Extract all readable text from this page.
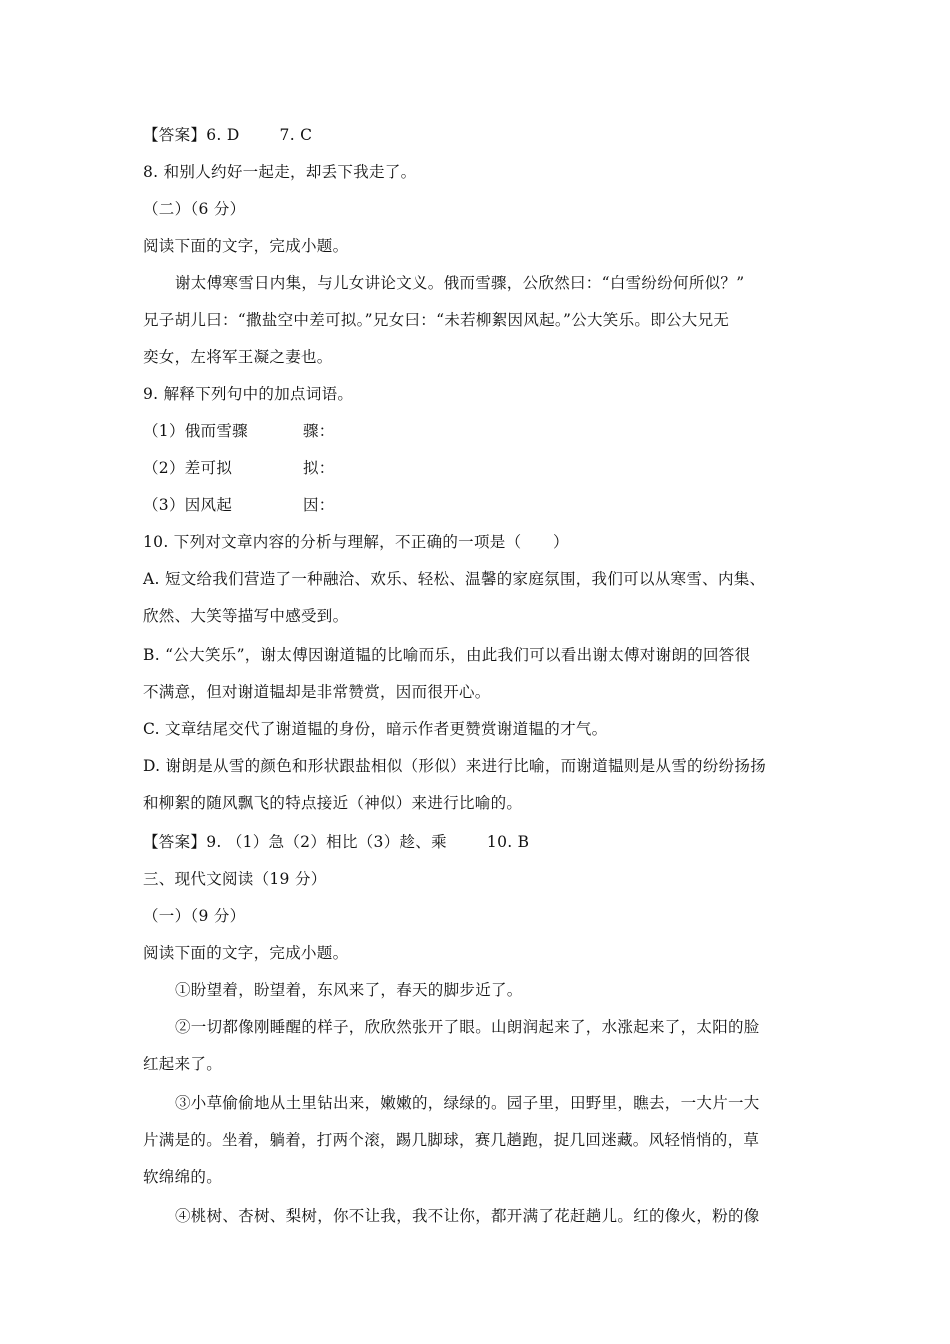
【答案】6. D	7. C
8. 和别人约好一起走，却丢下我走了。
（二）（6 分）
阅读下面的文字，完成小题。
谢太傅寒雪日内集，与儿女讲论文义。俄而雪骤，公欣然曰：“白雪纷纷何所似？”
兄子胡儿曰：“撒盐空中差可拟。”兄女曰：“未若柳絮因风起。”公大笑乐。即公大兄无
奕女，左将军王凝之妻也。
9. 解释下列句中的加点词语。
（1）俄而雪骤	骤：
（2）差可拟	拟：
（3）因风起	因：
10. 下列对文章内容的分析与理解，不正确的一项是（　　）
A. 短文给我们营造了一种融洽、欢乐、轻松、温馨的家庭氛围，我们可以从寒雪、内集、
欣然、大笑等描写中感受到。
B. “公大笑乐”，谢太傅因谢道韫的比喻而乐，由此我们可以看出谢太傅对谢朗的回答很
不满意，但对谢道韫却是非常赞赏，因而很开心。
C. 文章结尾交代了谢道韫的身份，暗示作者更赞赏谢道韫的才气。
D. 谢朗是从雪的颜色和形状跟盐相似（形似）来进行比喻，而谢道韫则是从雪的纷纷扬扬
和柳絮的随风飘飞的特点接近（神似）来进行比喻的。
【答案】9. （1）急（2）相比（3）趁、乘	10. B
三、现代文阅读（19 分）
（一）（9 分）
阅读下面的文字，完成小题。
①盼望着，盼望着，东风来了，春天的脚步近了。
②一切都像刚睡醒的样子，欣欣然张开了眼。山朗润起来了，水涨起来了，太阳的脸
红起来了。
③小草偷偷地从土里钻出来，嫩嫩的，绿绿的。园子里，田野里，瞧去，一大片一大
片满是的。坐着，躺着，打两个滚，踢几脚球，赛几趟跑，捉几回迷藏。风轻悄悄的，草
软绵绵的。
④桃树、杏树、梨树，你不让我，我不让你，都开满了花赶趟儿。红的像火，粉的像
